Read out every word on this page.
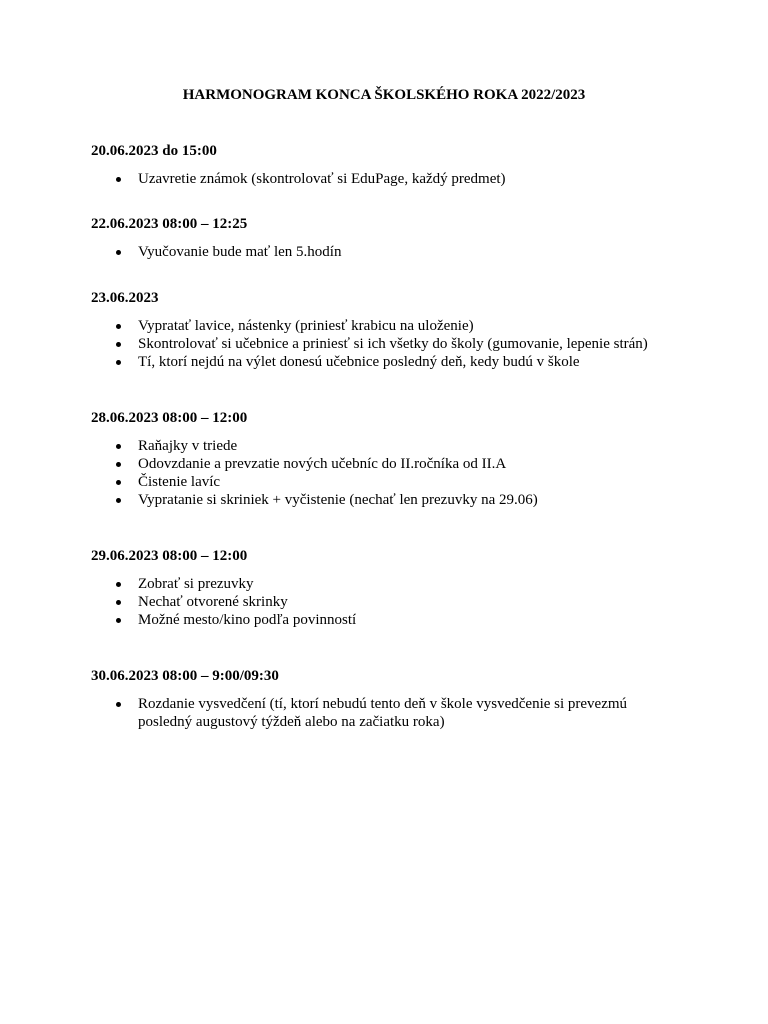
HARMONOGRAM KONCA ŠKOLSKÉHO ROKA 2022/2023

20.06.2023 do 15:00

Uzavretie známok (skontrolovať si EduPage, každý predmet)

22.06.2023 08:00 – 12:25

Vyučovanie bude mať len 5.hodín

23.06.2023

Vypratať lavice, nástenky (priniesť krabicu na uloženie)
Skontrolovať si učebnice a priniesť si ich všetky do školy (gumovanie, lepenie strán)
Tí, ktorí nejdú na výlet donesú učebnice posledný deň, kedy budú v škole

28.06.2023 08:00 – 12:00

Raňajky v triede
Odovzdanie a prevzatie nových učebníc do II.ročníka od II.A
Čistenie lavíc
Vypratanie si skriniek + vyčistenie (nechať len prezuvky na 29.06)

29.06.2023 08:00 – 12:00

Zobrať si prezuvky
Nechať otvorené skrinky
Možné mesto/kino podľa povinností

30.06.2023 08:00 – 9:00/09:30

Rozdanie vysvedčení (tí, ktorí nebudú tento deň v škole vysvedčenie si prevezmú posledný augustový týždeň alebo na začiatku roka)
